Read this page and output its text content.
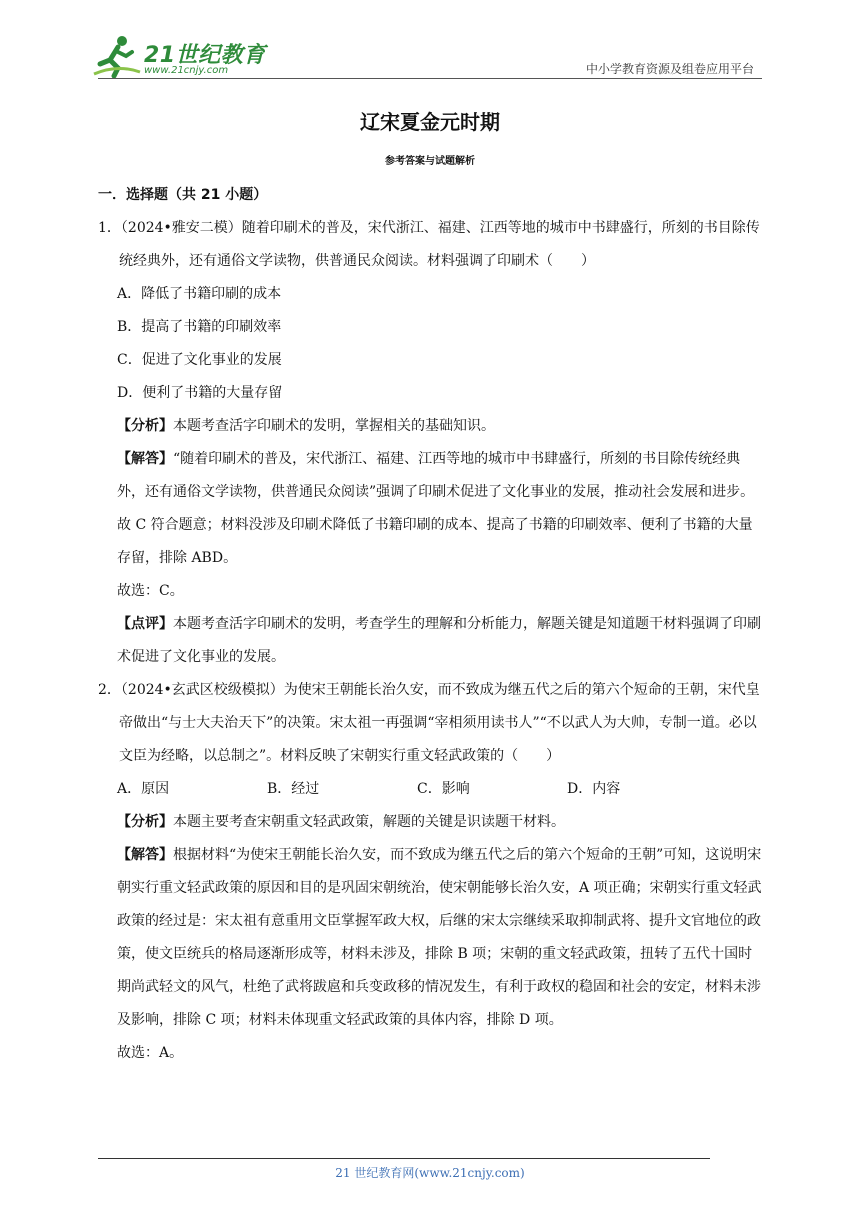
21世纪教育
www.21cnjy.com	中小学教育资源及组卷应用平台
辽宋夏金元时期
参考答案与试题解析
一．选择题（共 21 小题）

1．（2024•雅安二模）随着印刷术的普及，宋代浙江、福建、江西等地的城市中书肆盛行，所刻的书目除传统经典外，还有通俗文学读物，供普通民众阅读。材料强调了印刷术（　　）

A．降低了书籍印刷的成本

B．提高了书籍的印刷效率

C．促进了文化事业的发展

D．便利了书籍的大量存留

【分析】本题考查活字印刷术的发明，掌握相关的基础知识。

【解答】“随着印刷术的普及，宋代浙江、福建、江西等地的城市中书肆盛行，所刻的书目除传统经典外，还有通俗文学读物，供普通民众阅读”强调了印刷术促进了文化事业的发展，推动社会发展和进步。故 C 符合题意；材料没涉及印刷术降低了书籍印刷的成本、提高了书籍的印刷效率、便利了书籍的大量存留，排除 ABD。

故选：C。

【点评】本题考查活字印刷术的发明，考查学生的理解和分析能力，解题关键是知道题干材料强调了印刷术促进了文化事业的发展。

2．（2024•玄武区校级模拟）为使宋王朝能长治久安，而不致成为继五代之后的第六个短命的王朝，宋代皇帝做出“与士大夫治天下”的决策。宋太祖一再强调“宰相须用读书人”“不以武人为大帅，专制一道。必以文臣为经略，以总制之”。材料反映了宋朝实行重文轻武政策的（　　）

A．原因	B．经过	C．影响	D．内容

【分析】本题主要考查宋朝重文轻武政策，解题的关键是识读题干材料。

【解答】根据材料“为使宋王朝能长治久安，而不致成为继五代之后的第六个短命的王朝”可知，这说明宋朝实行重文轻武政策的原因和目的是巩固宋朝统治，使宋朝能够长治久安，A 项正确；宋朝实行重文轻武政策的经过是：宋太祖有意重用文臣掌握军政大权，后继的宋太宗继续采取抑制武将、提升文官地位的政策，使文臣统兵的格局逐渐形成等，材料未涉及，排除 B 项；宋朝的重文轻武政策，扭转了五代十国时期尚武轻文的风气，杜绝了武将跋扈和兵变政移的情况发生，有利于政权的稳固和社会的安定，材料未涉及影响，排除 C 项；材料未体现重文轻武政策的具体内容，排除 D 项。

故选：A。

21 世纪教育网(www.21cnjy.com)
